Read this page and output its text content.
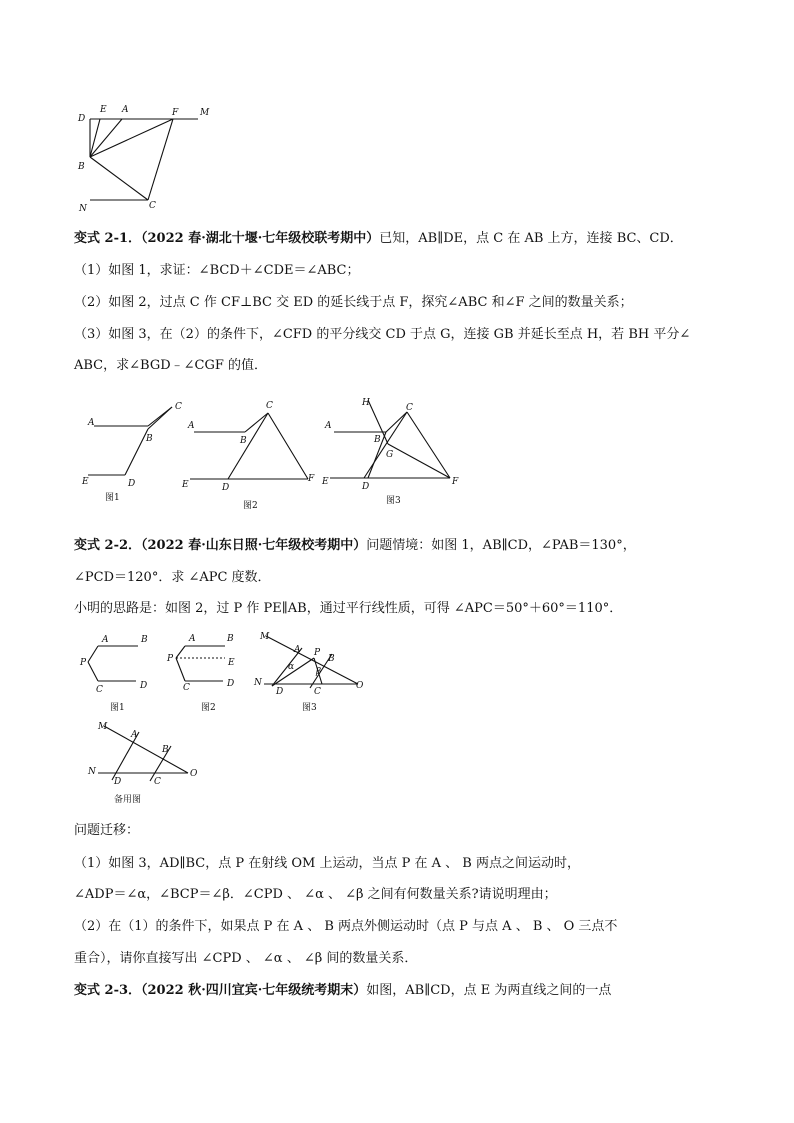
D
E A	F M
B
N	C
变式 2-1．（2022 春·湖北十堰·七年级校联考期中）已知，AB∥DE，点 C 在 AB 上方，连接 BC、CD．
（1）如图 1，求证：∠BCD＋∠CDE＝∠ABC；
（2）如图 2，过点 C 作 CF⊥BC 交 ED 的延长线于点 F，探究∠ABC 和∠F 之间的数量关系；
（3）如图 3，在（2）的条件下，∠CFD 的平分线交 CD 于点 G，连接 GB 并延长至点 H，若 BH 平分∠
ABC，求∠BGD﹣∠CGF 的值．
A
B
C
E	D
图1
A
B
C
E	D
F
图2
H	C
A
B
G
E	D	F
图3
变式 2-2．（2022 春·山东日照·七年级校考期中）问题情境：如图 1，AB∥CD，∠PAB＝130°，
∠PCD＝120°．求 ∠APC 度数．
小明的思路是：如图 2，过 P 作 PE∥AB，通过平行线性质，可得 ∠APC＝50°＋60°＝110°．
A	B
P
C	D
图1
A	B
P	E
C	D
图2
M
A P
B
α β
N
D	C
O
图3
M
A
B
N
D	C
O
备用图
问题迁移：
（1）如图 3，AD∥BC，点 P 在射线 OM 上运动，当点 P 在 A 、 B 两点之间运动时，
∠ADP＝∠α，∠BCP＝∠β．∠CPD 、 ∠α 、 ∠β 之间有何数量关系?请说明理由；
（2）在（1）的条件下，如果点 P 在 A 、 B 两点外侧运动时（点 P 与点 A 、 B 、 O 三点不
重合），请你直接写出 ∠CPD 、 ∠α 、 ∠β 间的数量关系．
变式 2-3．（2022 秋·四川宜宾·七年级统考期末）如图，AB∥CD，点 E 为两直线之间的一点
